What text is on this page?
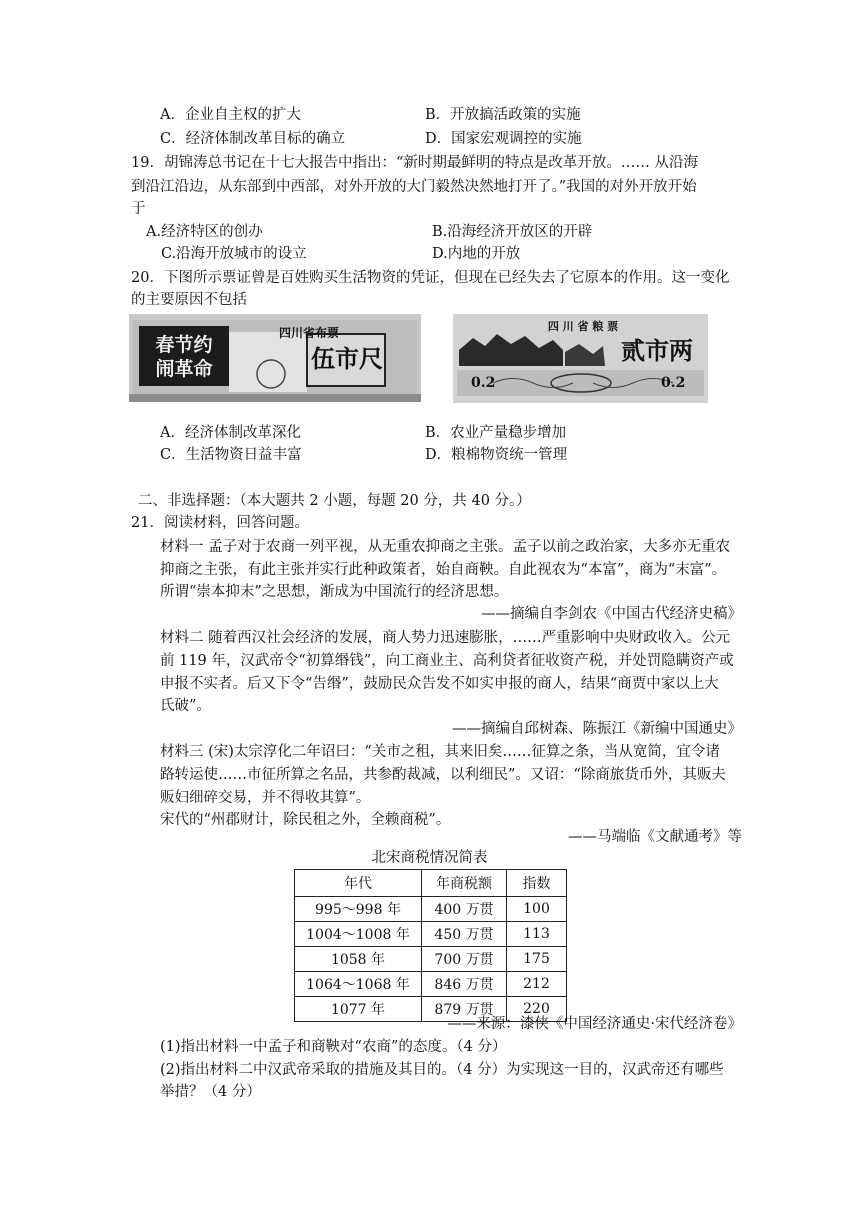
A．企业自主权的扩大	B．开放搞活政策的实施
C．经济体制改革目标的确立	D．国家宏观调控的实施
19．胡锦涛总书记在十七大报告中指出：“新时期最鲜明的特点是改革开放。…… 从沿海
到沿江沿边，从东部到中西部，对外开放的大门毅然决然地打开了。”我国的对外开放开始
于
A.经济特区的创办	B.沿海经济开放区的开辟
C.沿海开放城市的设立	D.内地的开放
20．下图所示票证曾是百姓购买生活物资的凭证，但现在已经失去了它原本的作用。这一变化
的主要原因不包括
四川省布票
春节约
闹革命	伍市尺
四 川 省 粮 票
贰市两
0.2	0.2
A．经济体制改革深化	B．农业产量稳步增加
C．生活物资日益丰富	D．粮棉物资统一管理
二、非选择题：（本大题共 2 小题，每题 20 分，共 40 分。）
21．阅读材料，回答问题。
材料一 孟子对于农商一列平视，从无重农抑商之主张。孟子以前之政治家，大多亦无重农
抑商之主张，有此主张并实行此种政策者，始自商鞅。自此视农为“本富”，商为“末富”。
所谓“崇本抑末”之思想，渐成为中国流行的经济思想。
——摘编自李剑农《中国古代经济史稿》
材料二 随着西汉社会经济的发展，商人势力迅速膨胀，……严重影响中央财政收入。公元
前 119 年，汉武帝令“初算缗钱”，向工商业主、高利贷者征收资产税，并处罚隐瞒资产或
申报不实者。后又下令“告缗”，鼓励民众告发不如实申报的商人，结果“商贾中家以上大
氏破”。
——摘编自邱树森、陈振江《新编中国通史》
材料三 (宋)太宗淳化二年诏曰：“关市之租，其来旧矣……征算之条，当从宽简，宜令诸
路转运使……市征所算之名品，共参酌裁减，以利细民”。又诏：“除商旅货币外，其贩夫
贩妇细碎交易，并不得收其算”。
宋代的“州郡财计，除民租之外，全赖商税”。
——马端临《文献通考》等
北宋商税情况简表
年代	年商税额	指数
995～998 年	400 万贯	100
1004～1008 年	450 万贯	113
1058 年	700 万贯	175
1064～1068 年	846 万贯	212
1077 年	879 万贯	220
——来源：漆侠《中国经济通史·宋代经济卷》
(1)指出材料一中孟子和商鞅对“农商”的态度。（4 分）
(2)指出材料二中汉武帝采取的措施及其目的。（4 分）为实现这一目的，汉武帝还有哪些
举措？（4 分）
